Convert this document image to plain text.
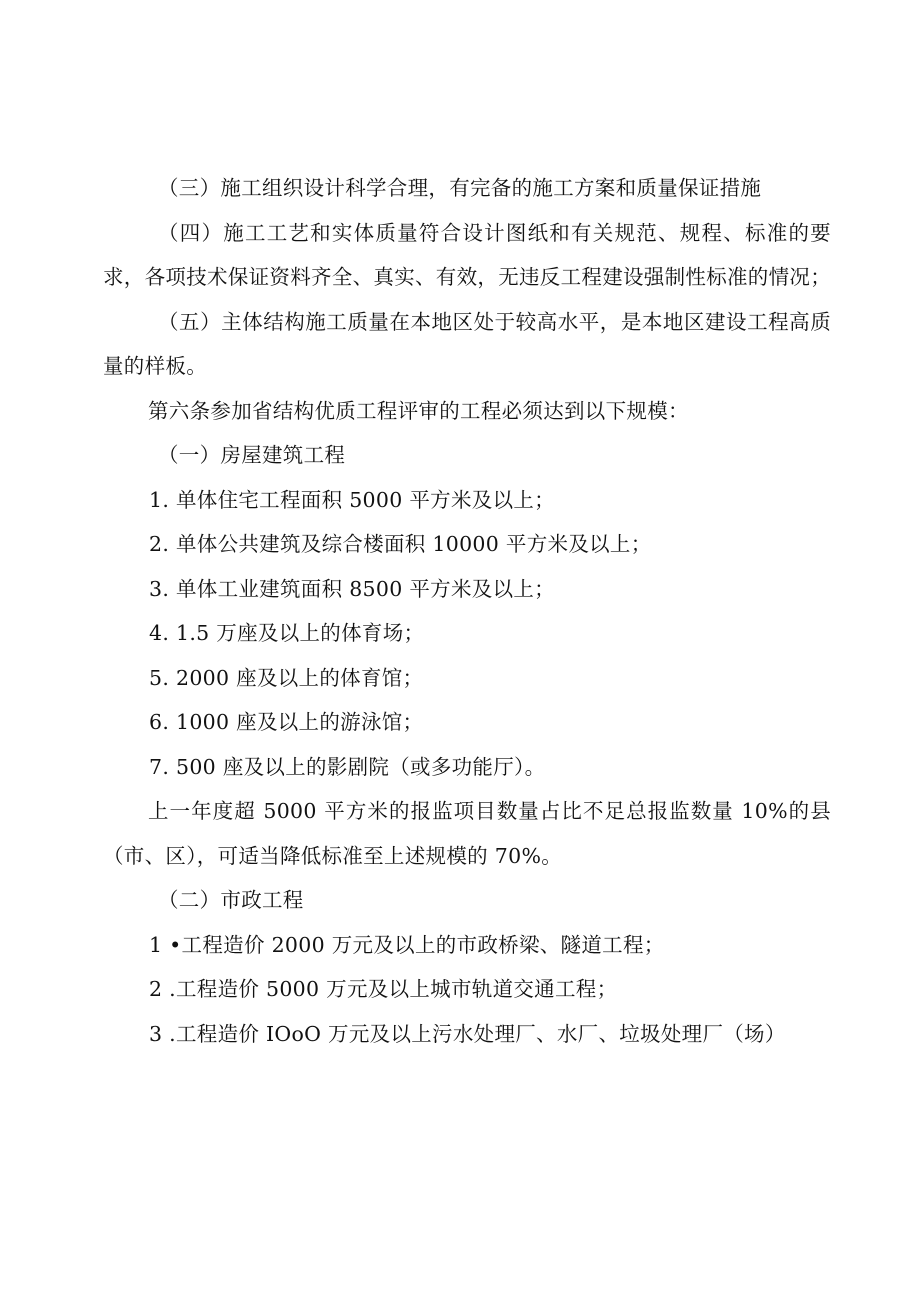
（三）施工组织设计科学合理，有完备的施工方案和质量保证措施

（四）施工工艺和实体质量符合设计图纸和有关规范、规程、标准的要求，各项技术保证资料齐全、真实、有效，无违反工程建设强制性标准的情况；

（五）主体结构施工质量在本地区处于较高水平，是本地区建设工程高质量的样板。

第六条参加省结构优质工程评审的工程必须达到以下规模：

（一）房屋建筑工程

1. 单体住宅工程面积 5000 平方米及以上；

2. 单体公共建筑及综合楼面积 10000 平方米及以上；

3. 单体工业建筑面积 8500 平方米及以上；

4. 1.5 万座及以上的体育场；

5. 2000 座及以上的体育馆；

6. 1000 座及以上的游泳馆；

7. 500 座及以上的影剧院（或多功能厅）。

上一年度超 5000 平方米的报监项目数量占比不足总报监数量 10%的县（市、区），可适当降低标准至上述规模的 70%。

（二）市政工程

1 •工程造价 2000 万元及以上的市政桥梁、隧道工程；

2 .工程造价 5000 万元及以上城市轨道交通工程；

3 .工程造价 IOoO 万元及以上污水处理厂、水厂、垃圾处理厂（场）
